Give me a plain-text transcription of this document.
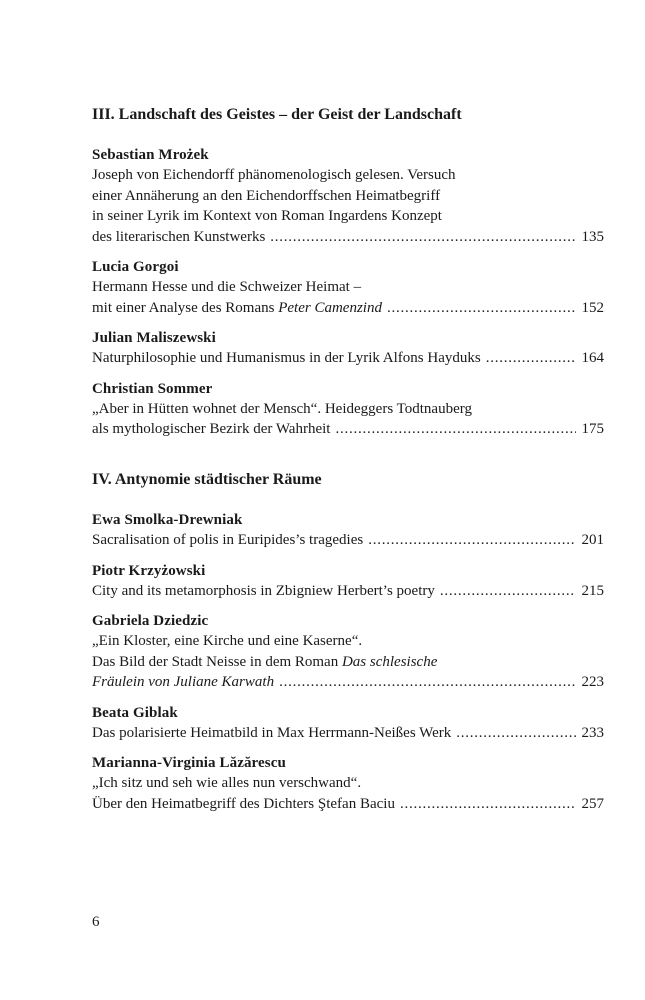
III. Landschaft des Geistes – der Geist der Landschaft
Sebastian Mrożek
Joseph von Eichendorff phänomenologisch gelesen. Versuch
einer Annäherung an den Eichendorffschen Heimatbegriff
in seiner Lyrik im Kontext von Roman Ingardens Konzept
des literarischen Kunstwerks . . .	135
Lucia Gorgoi
Hermann Hesse und die Schweizer Heimat –
mit einer Analyse des Romans Peter Camenzind . . .	152
Julian Maliszewski
Naturphilosophie und Humanismus in der Lyrik Alfons Hayduks . . .	164
Christian Sommer
„Aber in Hütten wohnet der Mensch“. Heideggers Todtnauberg
als mythologischer Bezirk der Wahrheit . . .	175
IV. Antynomie städtischer Räume
Ewa Smolka-Drewniak
Sacralisation of polis in Euripides’s tragedies . . .	201
Piotr Krzyżowski
City and its metamorphosis in Zbigniew Herbert’s poetry . . .	215
Gabriela Dziedzic
„Ein Kloster, eine Kirche und eine Kaserne“.
Das Bild der Stadt Neisse in dem Roman Das schlesische
Fräulein von Juliane Karwath . . .	223
Beata Giblak
Das polarisierte Heimatbild in Max Herrmann-Neißes Werk . . .	233
Marianna-Virginia Lăzărescu
„Ich sitz und seh wie alles nun verschwand“.
Über den Heimatbegriff des Dichters Ştefan Baciu . . .	257
6
